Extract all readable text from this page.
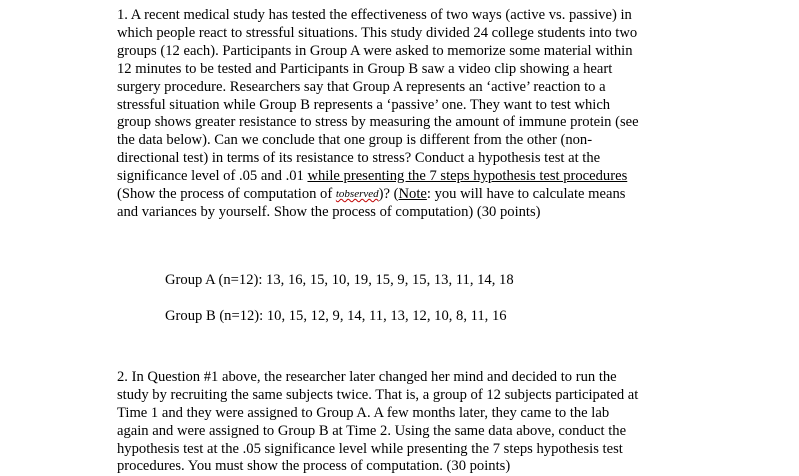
1. A recent medical study has tested the effectiveness of two ways (active vs. passive) in
which people react to stressful situations. This study divided 24 college students into two
groups (12 each). Participants in Group A were asked to memorize some material within
12 minutes to be tested and Participants in Group B saw a video clip showing a heart
surgery procedure. Researchers say that Group A represents an ‘active’ reaction to a
stressful situation while Group B represents a ‘passive’ one. They want to test which
group shows greater resistance to stress by measuring the amount of immune protein (see
the data below). Can we conclude that one group is different from the other (non-
directional test) in terms of its resistance to stress? Conduct a hypothesis test at the
significance level of .05 and .01 while presenting the 7 steps hypothesis test procedures
(Show the process of computation of tobserved)? (Note: you will have to calculate means
and variances by yourself. Show the process of computation) (30 points)

Group A (n=12): 13, 16, 15, 10, 19, 15, 9, 15, 13, 11, 14, 18

Group B (n=12): 10, 15, 12, 9, 14, 11, 13, 12, 10, 8, 11, 16

2. In Question #1 above, the researcher later changed her mind and decided to run the
study by recruiting the same subjects twice. That is, a group of 12 subjects participated at
Time 1 and they were assigned to Group A. A few months later, they came to the lab
again and were assigned to Group B at Time 2. Using the same data above, conduct the
hypothesis test at the .05 significance level while presenting the 7 steps hypothesis test
procedures. You must show the process of computation. (30 points)
